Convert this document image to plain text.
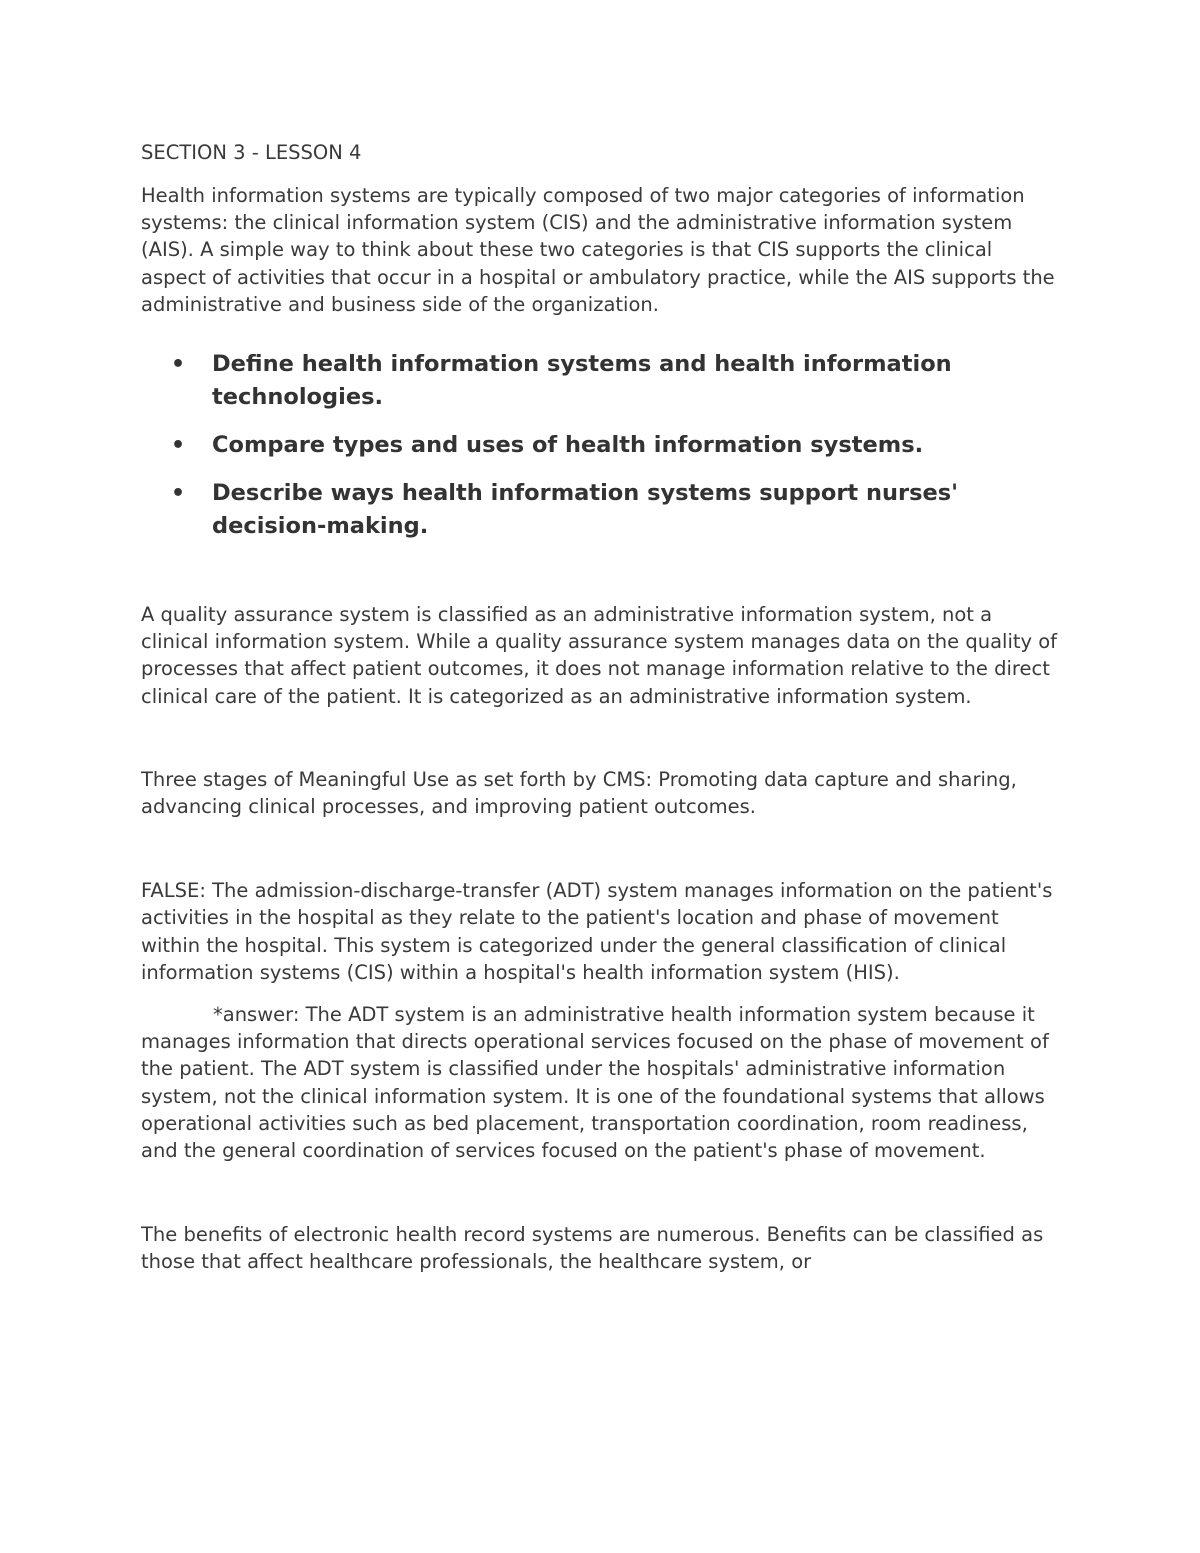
SECTION 3 - LESSON 4

Health information systems are typically composed of two major categories of information systems: the clinical information system (CIS) and the administrative information system (AIS). A simple way to think about these two categories is that CIS supports the clinical aspect of activities that occur in a hospital or ambulatory practice, while the AIS supports the administrative and business side of the organization.

• Define health information systems and health information technologies.
• Compare types and uses of health information systems.
• Describe ways health information systems support nurses' decision-making.

A quality assurance system is classified as an administrative information system, not a clinical information system. While a quality assurance system manages data on the quality of processes that affect patient outcomes, it does not manage information relative to the direct clinical care of the patient. It is categorized as an administrative information system.

Three stages of Meaningful Use as set forth by CMS: Promoting data capture and sharing, advancing clinical processes, and improving patient outcomes.

FALSE: The admission-discharge-transfer (ADT) system manages information on the patient's activities in the hospital as they relate to the patient's location and phase of movement within the hospital. This system is categorized under the general classification of clinical information systems (CIS) within a hospital's health information system (HIS).

*answer: The ADT system is an administrative health information system because it manages information that directs operational services focused on the phase of movement of the patient. The ADT system is classified under the hospitals' administrative information system, not the clinical information system. It is one of the foundational systems that allows operational activities such as bed placement, transportation coordination, room readiness, and the general coordination of services focused on the patient's phase of movement.

The benefits of electronic health record systems are numerous. Benefits can be classified as those that affect healthcare professionals, the healthcare system, or
